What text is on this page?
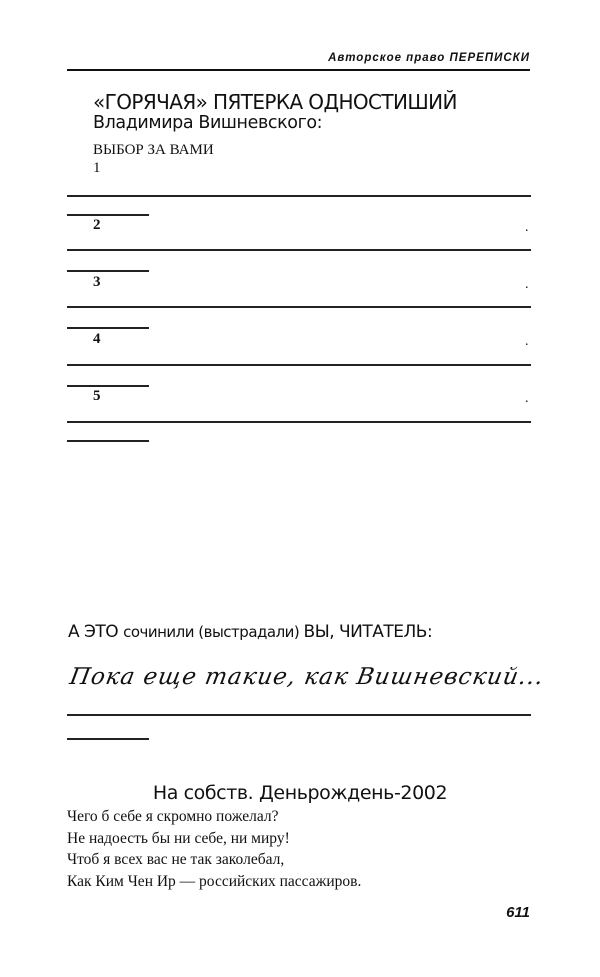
Авторское право ПЕРЕПИСКИ
«ГОРЯЧАЯ» ПЯТЕРКА ОДНОСТИШИЙ
Владимира Вишневского:
ВЫБОР ЗА ВАМИ
1
2	.
3	.
4	.
5	.
А ЭТО сочинили (выстрадали) ВЫ, ЧИТАТЕЛЬ:
Пока еще такие, как Вишневский...
На собств. Деньрождень-2002
Чего б себе я скромно пожелал?
Не надоесть бы ни себе, ни миру!
Чтоб я всех вас не так заколебал,
Как Ким Чен Ир — российских пассажиров.
611
